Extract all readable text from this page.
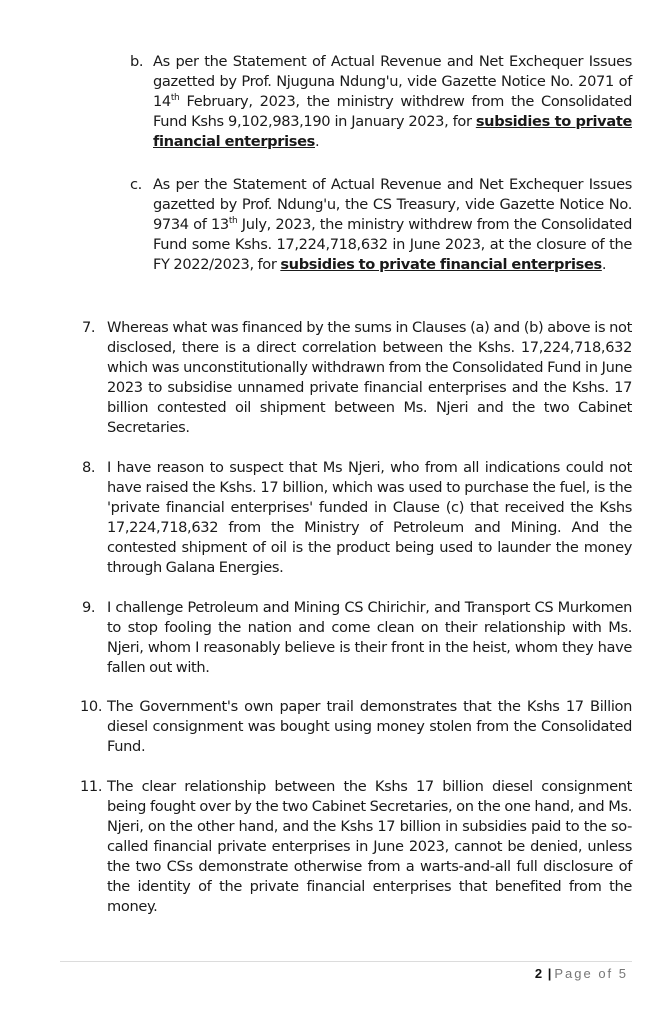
b. As per the Statement of Actual Revenue and Net Exchequer Issues gazetted by Prof. Njuguna Ndung'u, vide Gazette Notice No. 2071 of 14th February, 2023, the ministry withdrew from the Consolidated Fund Kshs 9,102,983,190 in January 2023, for subsidies to private financial enterprises.
c. As per the Statement of Actual Revenue and Net Exchequer Issues gazetted by Prof. Ndung'u, the CS Treasury, vide Gazette Notice No. 9734 of 13th July, 2023, the ministry withdrew from the Consolidated Fund some Kshs. 17,224,718,632 in June 2023, at the closure of the FY 2022/2023, for subsidies to private financial enterprises.
7. Whereas what was financed by the sums in Clauses (a) and (b) above is not disclosed, there is a direct correlation between the Kshs. 17,224,718,632 which was unconstitutionally withdrawn from the Consolidated Fund in June 2023 to subsidise unnamed private financial enterprises and the Kshs. 17 billion contested oil shipment between Ms. Njeri and the two Cabinet Secretaries.
8. I have reason to suspect that Ms Njeri, who from all indications could not have raised the Kshs. 17 billion, which was used to purchase the fuel, is the 'private financial enterprises' funded in Clause (c) that received the Kshs 17,224,718,632 from the Ministry of Petroleum and Mining. And the contested shipment of oil is the product being used to launder the money through Galana Energies.
9. I challenge Petroleum and Mining CS Chirichir, and Transport CS Murkomen to stop fooling the nation and come clean on their relationship with Ms. Njeri, whom I reasonably believe is their front in the heist, whom they have fallen out with.
10. The Government's own paper trail demonstrates that the Kshs 17 Billion diesel consignment was bought using money stolen from the Consolidated Fund.
11. The clear relationship between the Kshs 17 billion diesel consignment being fought over by the two Cabinet Secretaries, on the one hand, and Ms. Njeri, on the other hand, and the Kshs 17 billion in subsidies paid to the so-called financial private enterprises in June 2023, cannot be denied, unless the two CSs demonstrate otherwise from a warts-and-all full disclosure of the identity of the private financial enterprises that benefited from the money.
2 | Page of 5
